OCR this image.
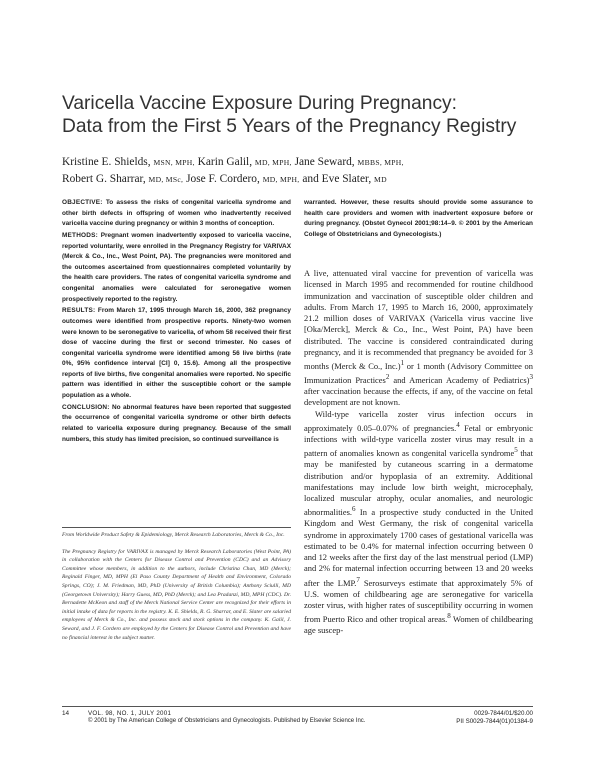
Varicella Vaccine Exposure During Pregnancy:
Data from the First 5 Years of the Pregnancy Registry
Kristine E. Shields, MSN, MPH, Karin Galil, MD, MPH, Jane Seward, MBBS, MPH,
Robert G. Sharrar, MD, MSc, Jose F. Cordero, MD, MPH, and Eve Slater, MD

OBJECTIVE: To assess the risks of congenital varicella syndrome and other birth defects in offspring of women who inadvertently received varicella vaccine during pregnancy or within 3 months of conception.

METHODS: Pregnant women inadvertently exposed to varicella vaccine, reported voluntarily, were enrolled in the Pregnancy Registry for VARIVAX (Merck & Co., Inc., West Point, PA). The pregnancies were monitored and the outcomes ascertained from questionnaires completed voluntarily by the health care providers. The rates of congenital varicella syndrome and congenital anomalies were calculated for seronegative women prospectively reported to the registry.

RESULTS: From March 17, 1995 through March 16, 2000, 362 pregnancy outcomes were identified from prospective reports. Ninety-two women were known to be seronegative to varicella, of whom 58 received their first dose of vaccine during the first or second trimester. No cases of congenital varicella syndrome were identified among 56 live births (rate 0%, 95% confidence interval [CI] 0, 15.6). Among all the prospective reports of live births, five congenital anomalies were reported. No specific pattern was identified in either the susceptible cohort or the sample population as a whole.

CONCLUSION: No abnormal features have been reported that suggested the occurrence of congenital varicella syndrome or other birth defects related to varicella exposure during pregnancy. Because of the small numbers, this study has limited precision, so continued surveillance is

warranted. However, these results should provide some assurance to health care providers and women with inadvertent exposure before or during pregnancy. (Obstet Gynecol 2001;98:14–9. © 2001 by the American College of Obstetricians and Gynecologists.)

From Worldwide Product Safety & Epidemiology, Merck Research Laboratories, Merck & Co., Inc.

The Pregnancy Registry for VARIVAX is managed by Merck Research Laboratories (West Point, PA) in collaboration with the Centers for Disease Control and Prevention (CDC) and an Advisory Committee whose members, in addition to the authors, include Christina Chan, MD (Merck); Reginald Finger, MD, MPH (El Paso County Department of Health and Environment, Colorado Springs, CO); J. M. Friedman, MD, PhD (University of British Columbia); Anthony Sciulli, MD (Georgetown University); Harry Guess, MD, PhD (Merck); and Lea Pradanzi, MD, MPH (CDC). Dr. Bernadette McKeon and staff of the Merck National Service Center are recognized for their efforts in initial intake of data for reports in the registry. K. E. Shields, R. G. Sharrar, and E. Slater are salaried employees of Merck & Co., Inc. and possess stock and stock options in the company. K. Galil, J. Seward, and J. F. Cordero are employed by the Centers for Disease Control and Prevention and have no financial interest in the subject matter.

A live, attenuated viral vaccine for prevention of varicella was licensed in March 1995 and recommended for routine childhood immunization and vaccination of susceptible older children and adults. From March 17, 1995 to March 16, 2000, approximately 21.2 million doses of VARIVAX (Varicella virus vaccine live [Oka/Merck], Merck & Co., Inc., West Point, PA) have been distributed. The vaccine is considered contraindicated during pregnancy, and it is recommended that pregnancy be avoided for 3 months (Merck & Co., Inc.)$^1$ or 1 month (Advisory Committee on Immunization Practices$^2$ and American Academy of Pediatrics)$^3$ after vaccination because the effects, if any, of the vaccine on fetal development are not known.

Wild-type varicella zoster virus infection occurs in approximately 0.05–0.07% of pregnancies.$^4$ Fetal or embryonic infections with wild-type varicella zoster virus may result in a pattern of anomalies known as congenital varicella syndrome$^5$ that may be manifested by cutaneous scarring in a dermatome distribution and/or hypoplasia of an extremity. Additional manifestations may include low birth weight, microcephaly, localized muscular atrophy, ocular anomalies, and neurologic abnormalities.$^6$ In a prospective study conducted in the United Kingdom and West Germany, the risk of congenital varicella syndrome in approximately 1700 cases of gestational varicella was estimated to be 0.4% for maternal infection occurring between 0 and 12 weeks after the first day of the last menstrual period (LMP) and 2% for maternal infection occurring between 13 and 20 weeks after the LMP.$^7$ Serosurveys estimate that approximately 5% of U.S. women of childbearing age are seronegative for varicella zoster virus, with higher rates of susceptibility occurring in women from Puerto Rico and other tropical areas.$^8$ Women of childbearing age suscep-

14	VOL. 98, NO. 1, JULY 2001
© 2001 by The American College of Obstetricians and Gynecologists. Published by Elsevier Science Inc.
0029-7844/01/$20.00
PII S0029-7844(01)01384-9
